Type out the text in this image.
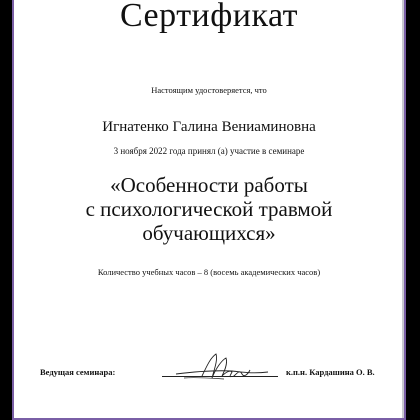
Сертификат
Настоящим удостоверяется, что
Игнатенко Галина Вениаминовна
3 ноября 2022 года принял (а) участие в семинаре
«Особенности работы
с психологической травмой
обучающихся»
Количество учебных часов – 8 (восемь академических часов)
Ведущая семинара:	к.п.н. Кардашина О. В.
